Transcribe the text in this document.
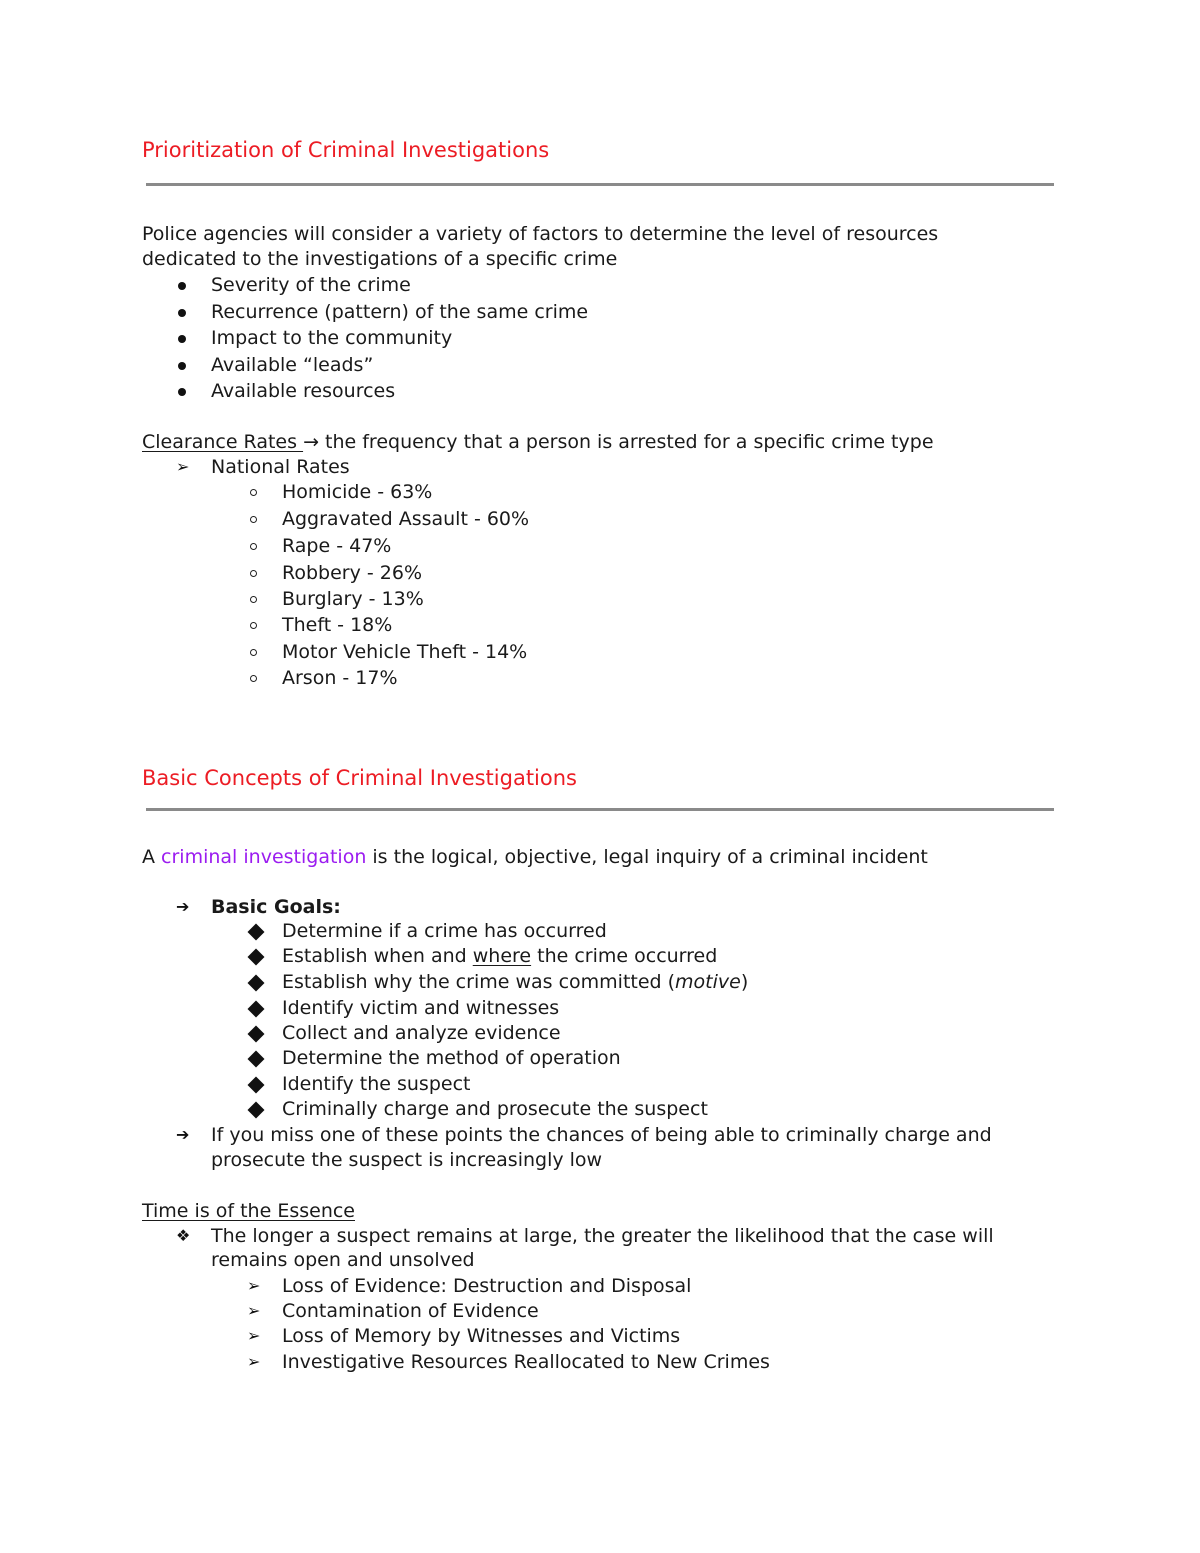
Prioritization of Criminal Investigations
Police agencies will consider a variety of factors to determine the level of resources
dedicated to the investigations of a specific crime
Severity of the crime
Recurrence (pattern) of the same crime
Impact to the community
Available “leads”
Available resources
Clearance Rates → the frequency that a person is arrested for a specific crime type
➢ National Rates
Homicide - 63%
Aggravated Assault - 60%
Rape - 47%
Robbery - 26%
Burglary - 13%
Theft - 18%
Motor Vehicle Theft - 14%
Arson - 17%
Basic Concepts of Criminal Investigations
A criminal investigation is the logical, objective, legal inquiry of a criminal incident
➔ Basic Goals:
Determine if a crime has occurred
Establish when and where the crime occurred
Establish why the crime was committed (motive)
Identify victim and witnesses
Collect and analyze evidence
Determine the method of operation
Identify the suspect
Criminally charge and prosecute the suspect
➔ If you miss one of these points the chances of being able to criminally charge and
prosecute the suspect is increasingly low
Time is of the Essence
❖ The longer a suspect remains at large, the greater the likelihood that the case will
remains open and unsolved
➢ Loss of Evidence: Destruction and Disposal
➢ Contamination of Evidence
➢ Loss of Memory by Witnesses and Victims
➢ Investigative Resources Reallocated to New Crimes
